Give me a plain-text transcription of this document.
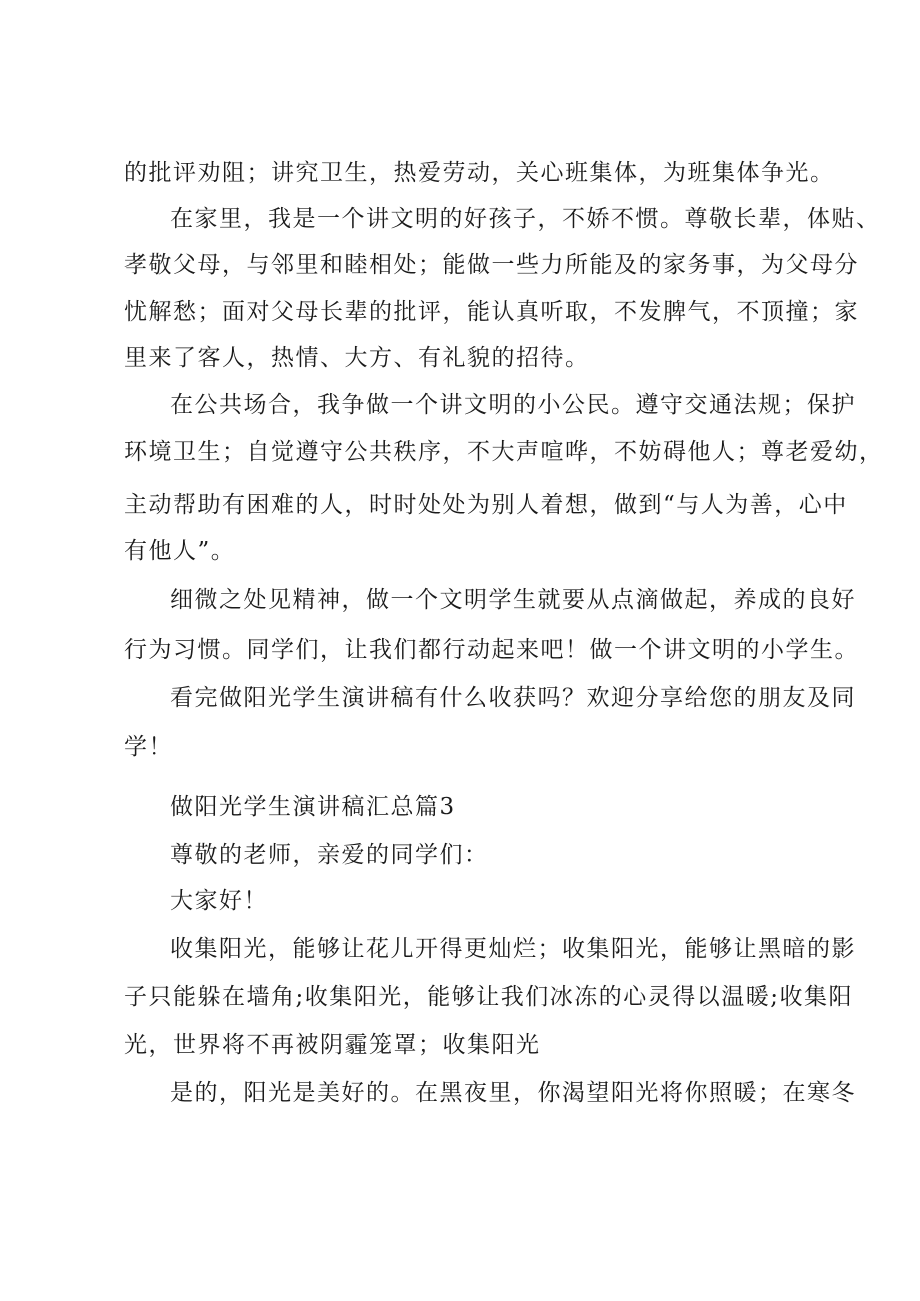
的批评劝阻；讲究卫生，热爱劳动，关心班集体，为班集体争光。
在家里，我是一个讲文明的好孩子，不娇不惯。尊敬长辈，体贴、
孝敬父母，与邻里和睦相处；能做一些力所能及的家务事，为父母分
忧解愁；面对父母长辈的批评，能认真听取，不发脾气，不顶撞；家
里来了客人，热情、大方、有礼貌的招待。
在公共场合，我争做一个讲文明的小公民。遵守交通法规；保护
环境卫生；自觉遵守公共秩序，不大声喧哗，不妨碍他人；尊老爱幼，
主动帮助有困难的人，时时处处为别人着想，做到“与人为善，心中
有他人”。
细微之处见精神，做一个文明学生就要从点滴做起，养成的良好
行为习惯。同学们，让我们都行动起来吧！做一个讲文明的小学生。
看完做阳光学生演讲稿有什么收获吗？欢迎分享给您的朋友及同
学！
做阳光学生演讲稿汇总篇3
尊敬的老师，亲爱的同学们：
大家好！
收集阳光，能够让花儿开得更灿烂；收集阳光，能够让黑暗的影
子只能躲在墙角;收集阳光，能够让我们冰冻的心灵得以温暖;收集阳
光，世界将不再被阴霾笼罩；收集阳光
是的，阳光是美好的。在黑夜里，你渴望阳光将你照暖；在寒冬
